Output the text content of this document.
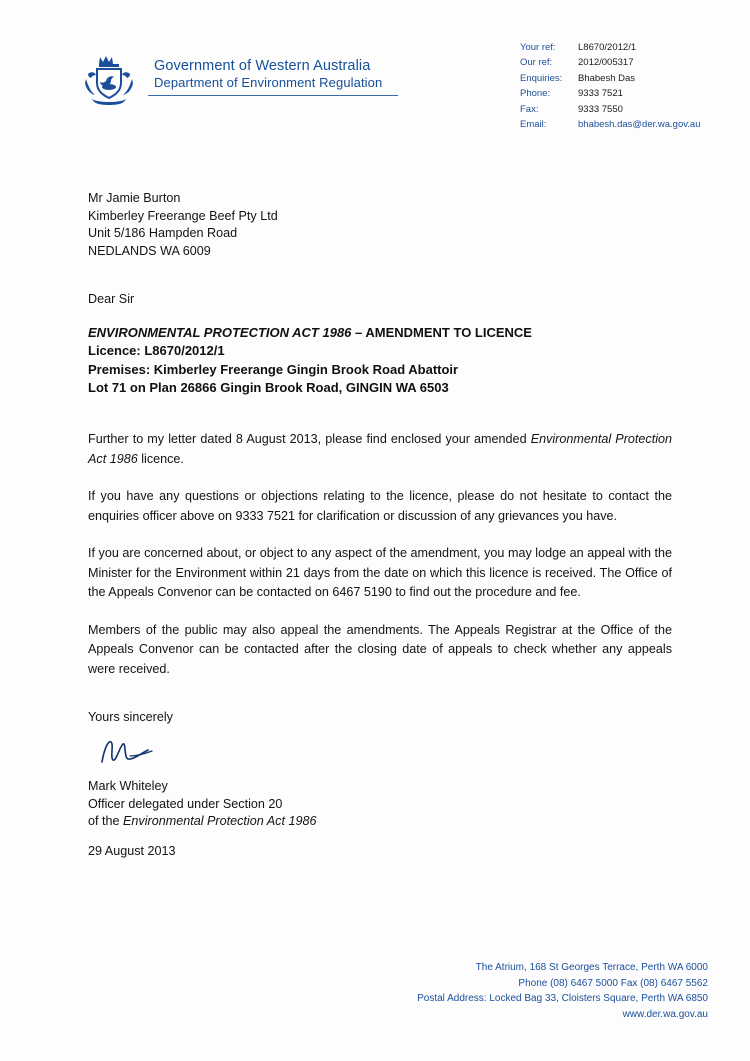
Government of Western Australia
Department of Environment Regulation
Your ref:	L8670/2012/1
Our ref:	2012/005317
Enquiries:	Bhabesh Das
Phone:	9333 7521
Fax:	9333 7550
Email:	bhabesh.das@der.wa.gov.au
Mr Jamie Burton
Kimberley Freerange Beef Pty Ltd
Unit 5/186 Hampden Road
NEDLANDS WA 6009
Dear Sir
ENVIRONMENTAL PROTECTION ACT 1986 – AMENDMENT TO LICENCE
Licence: L8670/2012/1
Premises: Kimberley Freerange Gingin Brook Road Abattoir
Lot 71 on Plan 26866 Gingin Brook Road, GINGIN WA 6503

Further to my letter dated 8 August 2013, please find enclosed your amended Environmental Protection Act 1986 licence.

If you have any questions or objections relating to the licence, please do not hesitate to contact the enquiries officer above on 9333 7521 for clarification or discussion of any grievances you have.

If you are concerned about, or object to any aspect of the amendment, you may lodge an appeal with the Minister for the Environment within 21 days from the date on which this licence is received. The Office of the Appeals Convenor can be contacted on 6467 5190 to find out the procedure and fee.

Members of the public may also appeal the amendments. The Appeals Registrar at the Office of the Appeals Convenor can be contacted after the closing date of appeals to check whether any appeals were received.

Yours sincerely
Mark Whiteley
Officer delegated under Section 20
of the Environmental Protection Act 1986
29 August 2013
The Atrium, 168 St Georges Terrace, Perth WA 6000
Phone (08) 6467 5000 Fax (08) 6467 5562
Postal Address: Locked Bag 33, Cloisters Square, Perth WA 6850
www.der.wa.gov.au
